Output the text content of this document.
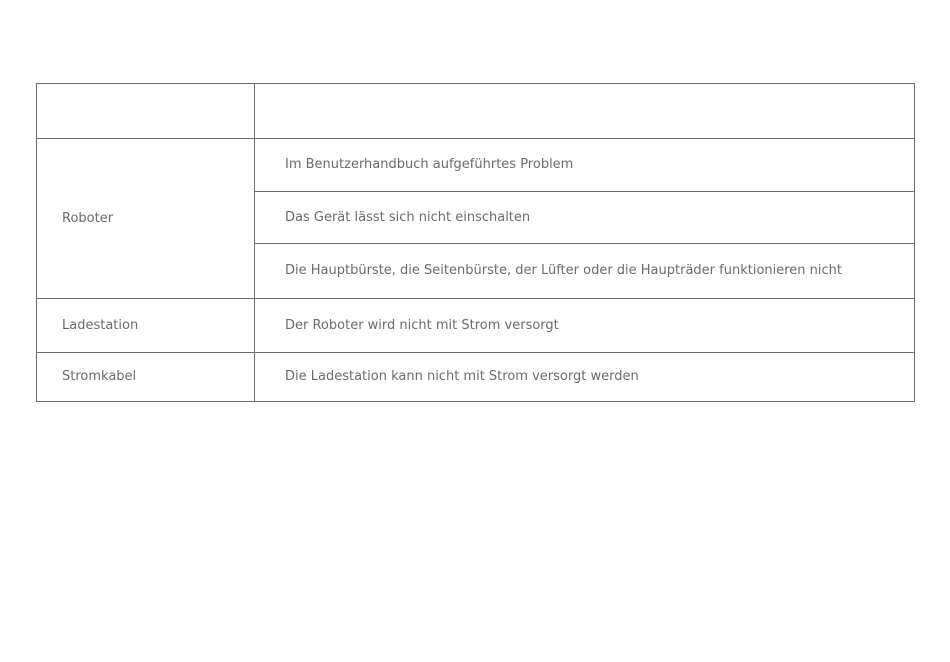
Roboter	Im Benutzerhandbuch aufgeführtes Problem
	Das Gerät lässt sich nicht einschalten
	Die Hauptbürste, die Seitenbürste, der Lüfter oder die Haupträder funktionieren nicht
Ladestation	Der Roboter wird nicht mit Strom versorgt
Stromkabel	Die Ladestation kann nicht mit Strom versorgt werden
